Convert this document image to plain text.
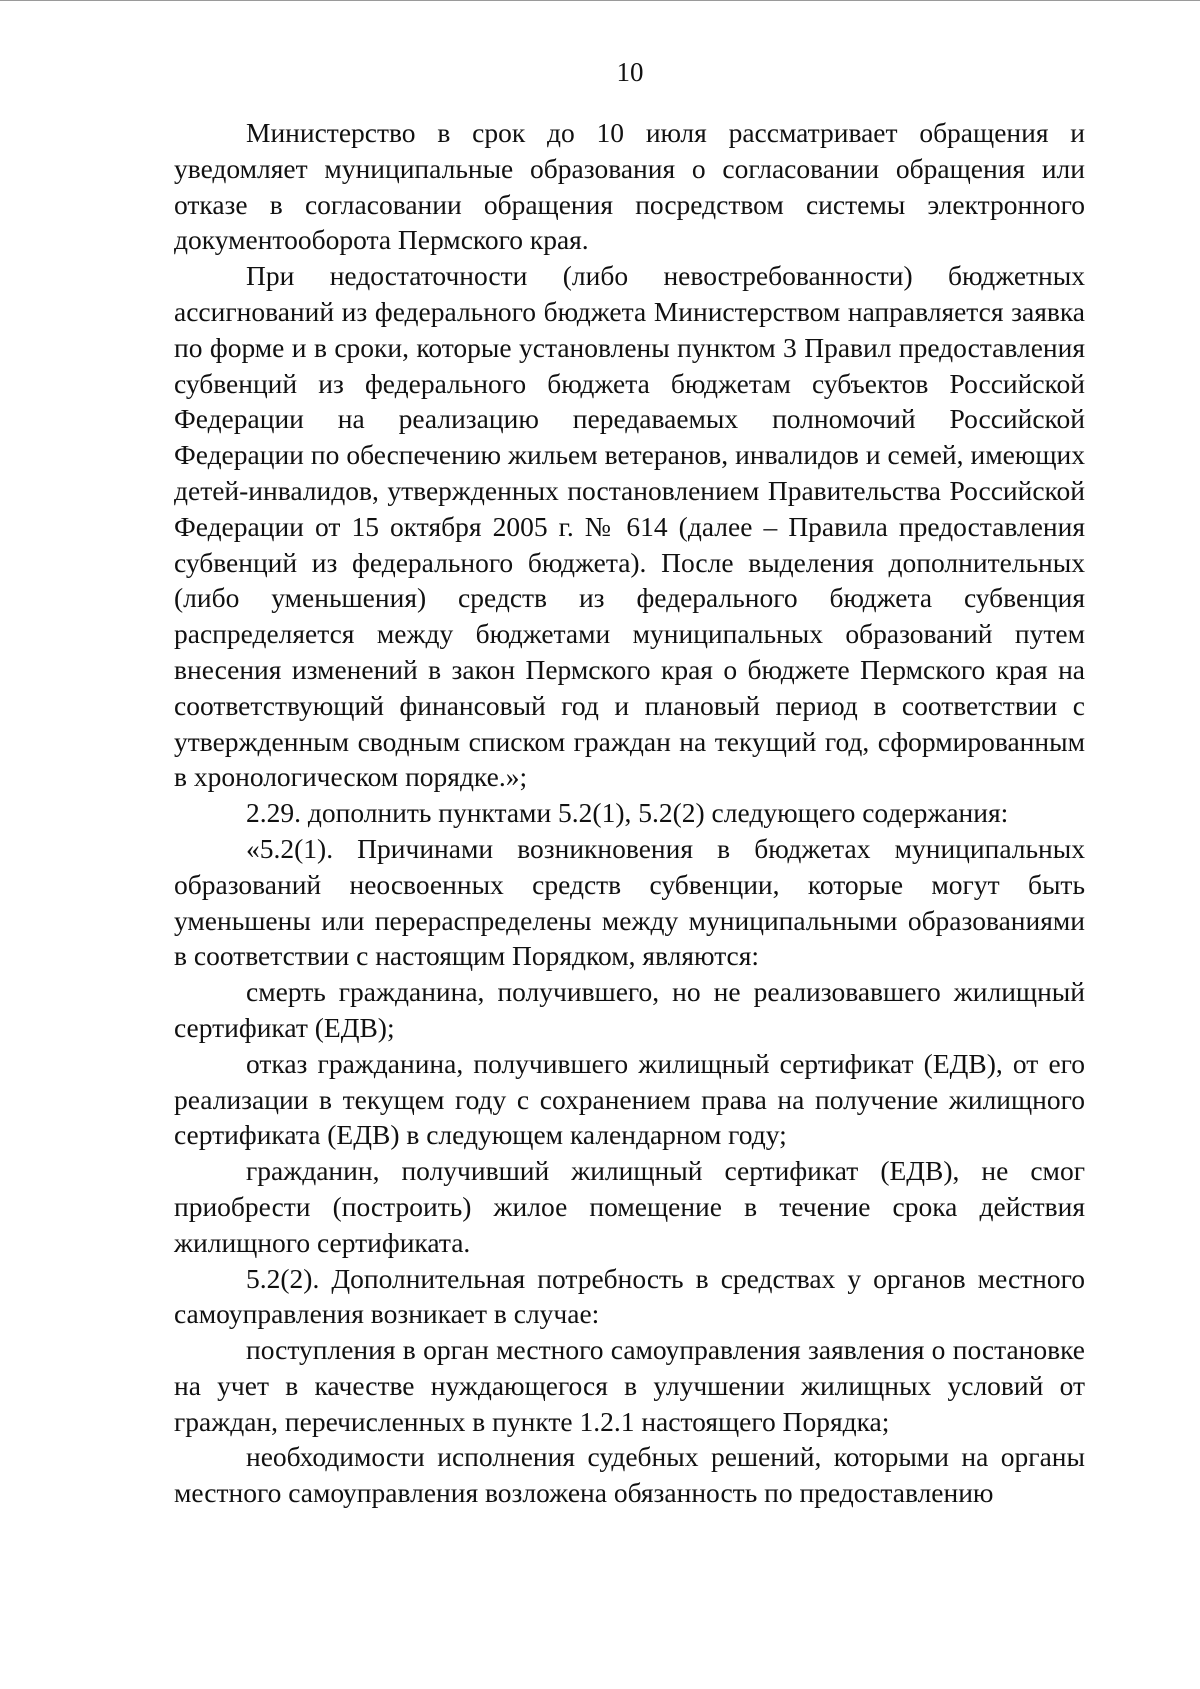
10

Министерство в срок до 10 июля рассматривает обращения и уведомляет муниципальные образования о согласовании обращения или отказе в согласовании обращения посредством системы электронного документооборота Пермского края.

При недостаточности (либо невостребованности) бюджетных ассигнований из федерального бюджета Министерством направляется заявка по форме и в сроки, которые установлены пунктом 3 Правил предоставления субвенций из федерального бюджета бюджетам субъектов Российской Федерации на реализацию передаваемых полномочий Российской Федерации по обеспечению жильем ветеранов, инвалидов и семей, имеющих детей-инвалидов, утвержденных постановлением Правительства Российской Федерации от 15 октября 2005 г. № 614 (далее – Правила предоставления субвенций из федерального бюджета). После выделения дополнительных (либо уменьшения) средств из федерального бюджета субвенция распределяется между бюджетами муниципальных образований путем внесения изменений в закон Пермского края о бюджете Пермского края на соответствующий финансовый год и плановый период в соответствии с утвержденным сводным списком граждан на текущий год, сформированным в хронологическом порядке.»;

2.29. дополнить пунктами 5.2(1), 5.2(2) следующего содержания:

«5.2(1). Причинами возникновения в бюджетах муниципальных образований неосвоенных средств субвенции, которые могут быть уменьшены или перераспределены между муниципальными образованиями в соответствии с настоящим Порядком, являются:

смерть гражданина, получившего, но не реализовавшего жилищный сертификат (ЕДВ);

отказ гражданина, получившего жилищный сертификат (ЕДВ), от его реализации в текущем году с сохранением права на получение жилищного сертификата (ЕДВ) в следующем календарном году;

гражданин, получивший жилищный сертификат (ЕДВ), не смог приобрести (построить) жилое помещение в течение срока действия жилищного сертификата.

5.2(2). Дополнительная потребность в средствах у органов местного самоуправления возникает в случае:

поступления в орган местного самоуправления заявления о постановке на учет в качестве нуждающегося в улучшении жилищных условий от граждан, перечисленных в пункте 1.2.1 настоящего Порядка;

необходимости исполнения судебных решений, которыми на органы местного самоуправления возложена обязанность по предоставлению
